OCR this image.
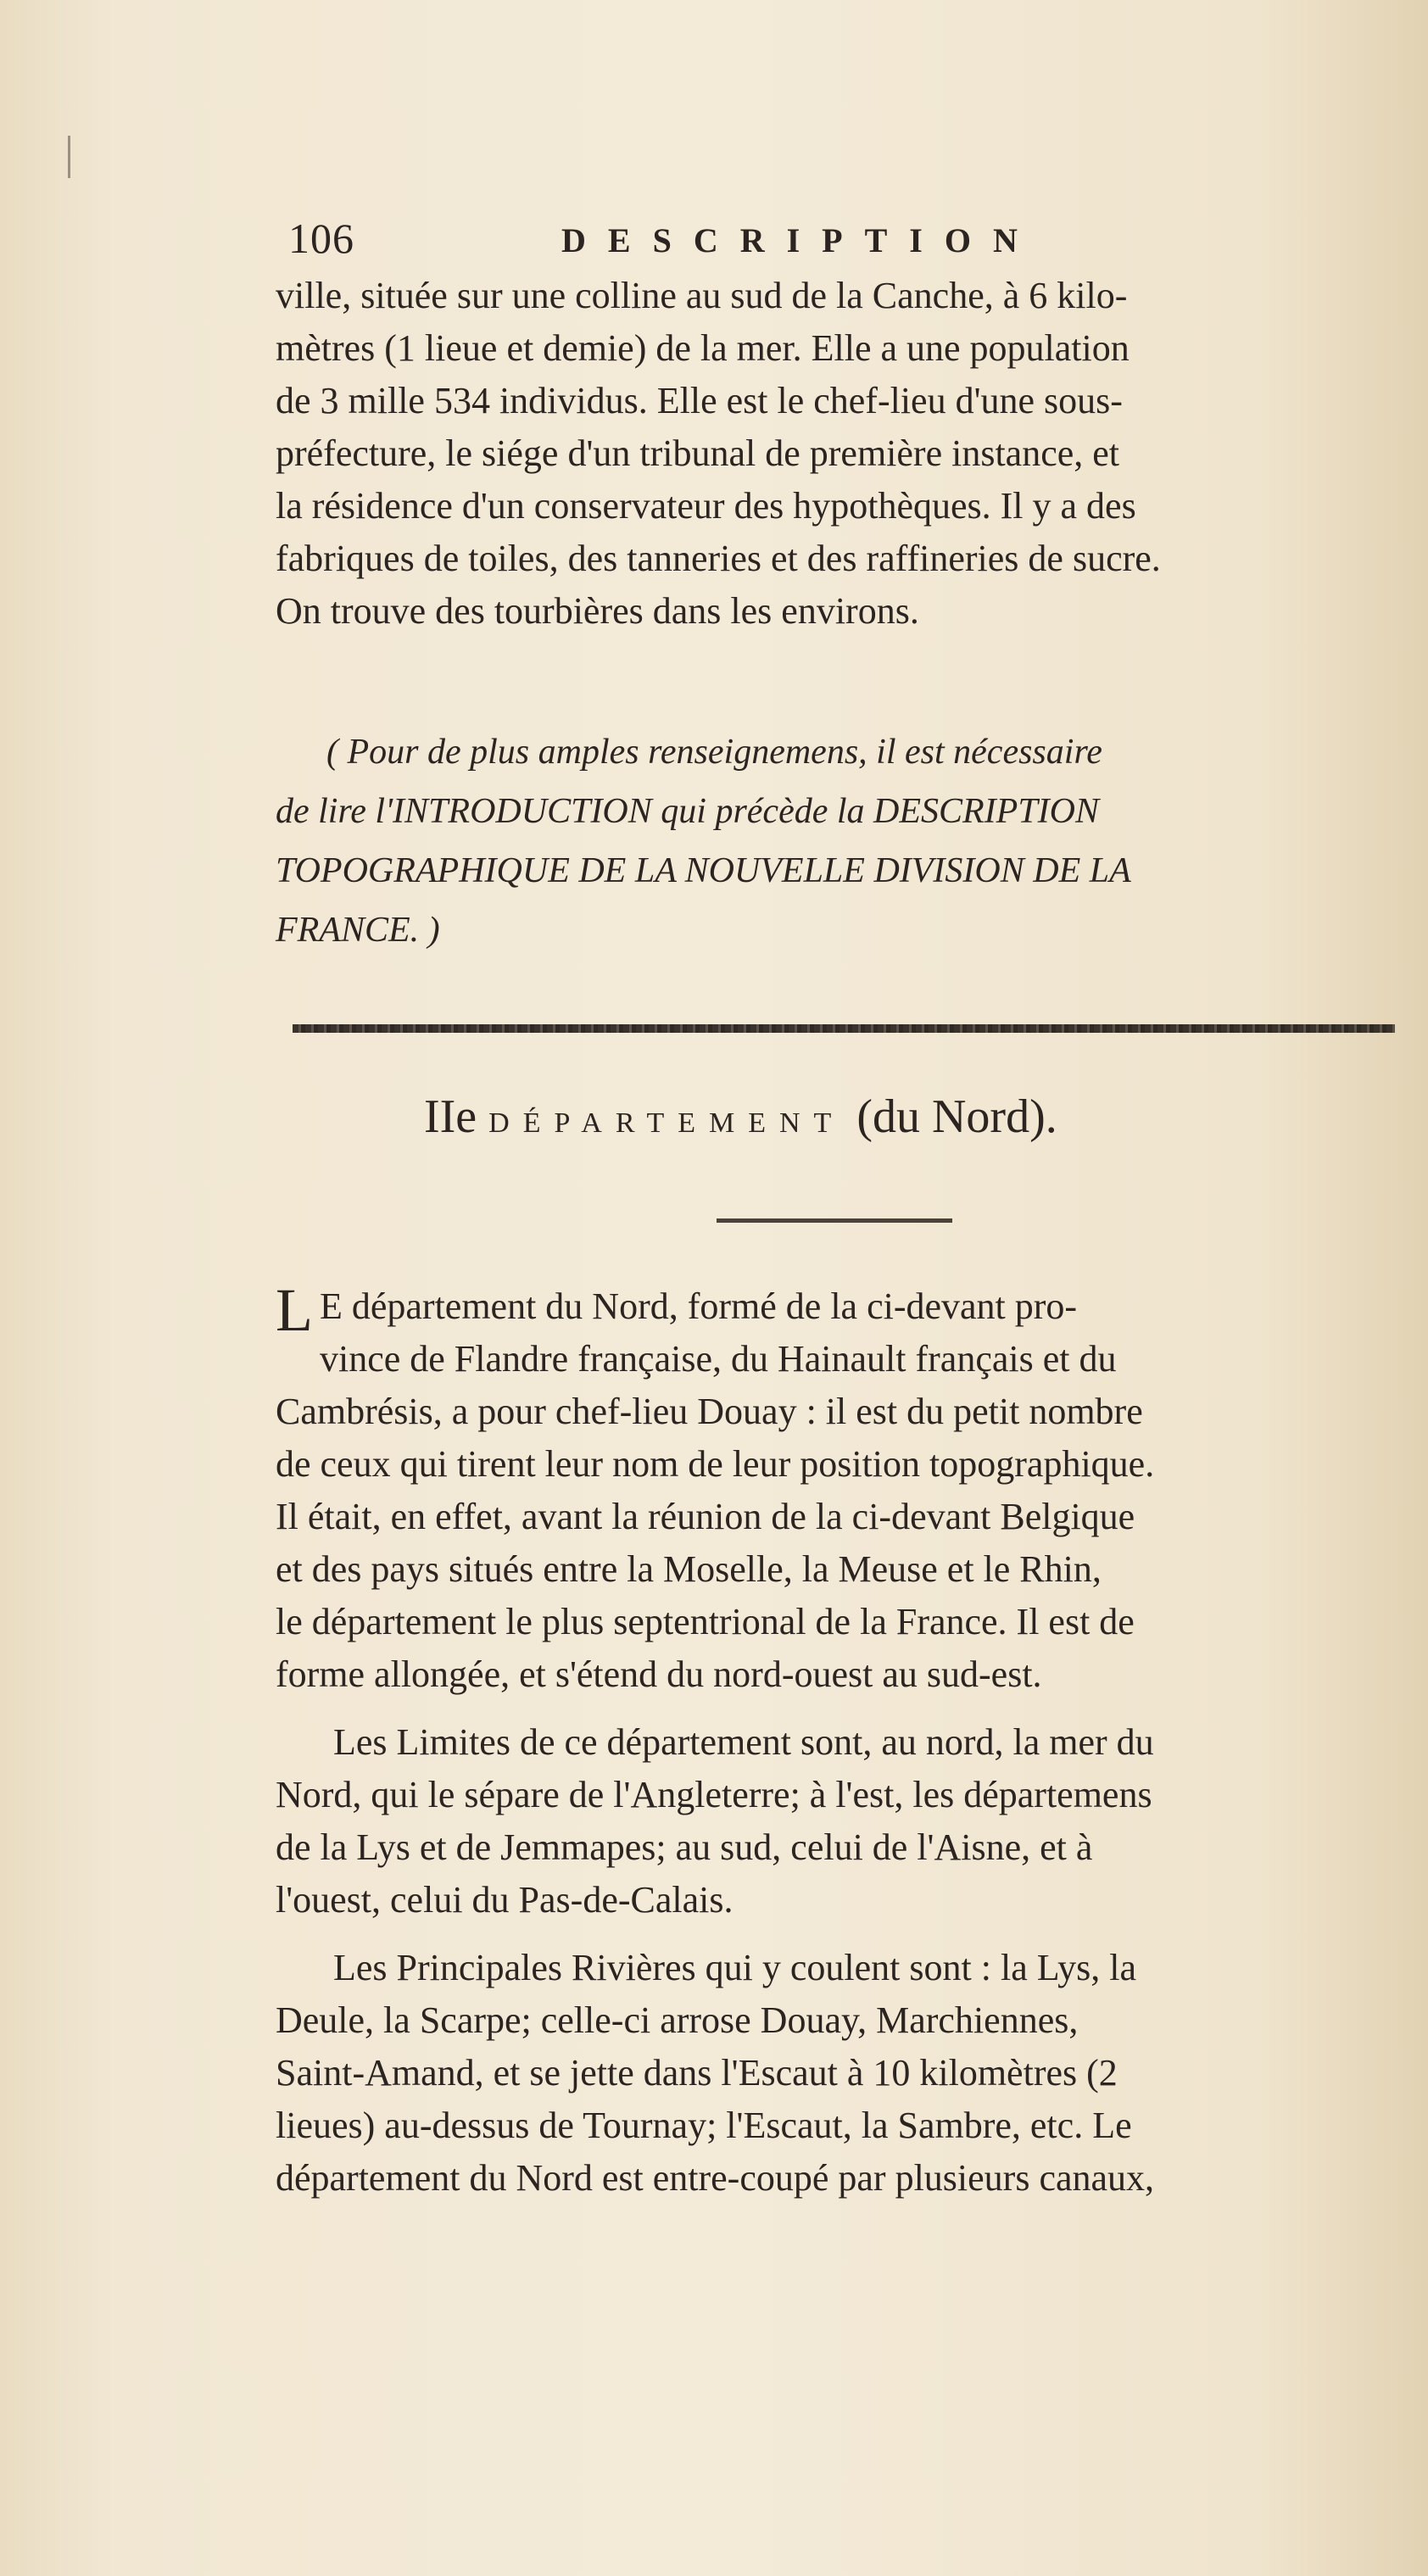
106	DESCRIPTION

ville, située sur une colline au sud de la Canche, à 6 kilo-

mètres (1 lieue et demie) de la mer. Elle a une population

de 3 mille 534 individus. Elle est le chef-lieu d'une sous-

préfecture, le siége d'un tribunal de première instance, et

la résidence d'un conservateur des hypothèques. Il y a des

fabriques de toiles, des tanneries et des raffineries de sucre.

On trouve des tourbières dans les environs.

( Pour de plus amples renseignemens, il est nécessaire

de lire l'INTRODUCTION qui précède la DESCRIPTION

TOPOGRAPHIQUE DE LA NOUVELLE DIVISION DE LA

FRANCE. )

IIe DÉPARTEMENT (du Nord).

L E département du Nord, formé de la ci-devant pro-
vince de Flandre française, du Hainault français et du
Cambrésis, a pour chef-lieu Douay : il est du petit nombre
de ceux qui tirent leur nom de leur position topographique.
Il était, en effet, avant la réunion de la ci-devant Belgique
et des pays situés entre la Moselle, la Meuse et le Rhin,
le département le plus septentrional de la France. Il est de
forme allongée, et s'étend du nord-ouest au sud-est.

Les Limites de ce département sont, au nord, la mer du
Nord, qui le sépare de l'Angleterre; à l'est, les départemens
de la Lys et de Jemmapes; au sud, celui de l'Aisne, et à
l'ouest, celui du Pas-de-Calais.

Les Principales Rivières qui y coulent sont : la Lys, la
Deule, la Scarpe; celle-ci arrose Douay, Marchiennes,
Saint-Amand, et se jette dans l'Escaut à 10 kilomètres (2
lieues) au-dessus de Tournay; l'Escaut, la Sambre, etc. Le
département du Nord est entre-coupé par plusieurs canaux,
